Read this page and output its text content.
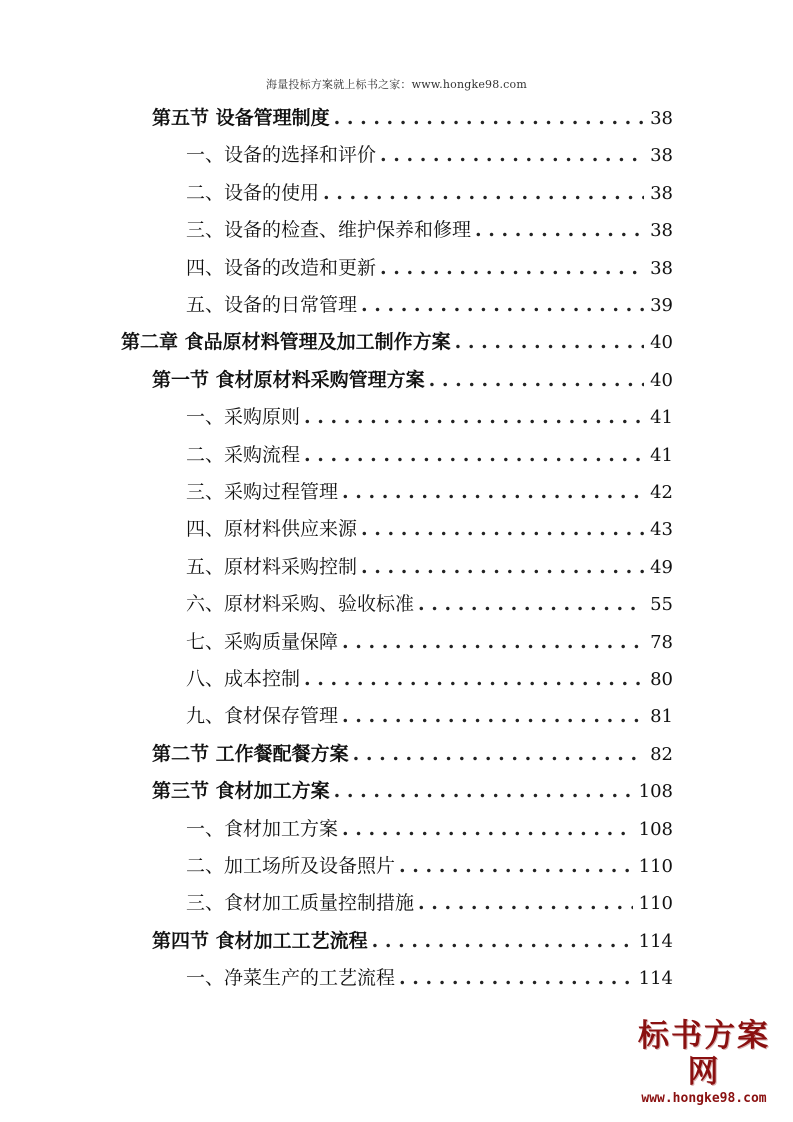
海量投标方案就上标书之家：www.hongke98.com
第五节 设备管理制度 . . .	38
一、设备的选择和评价 . . .	38
二、设备的使用 . . .	38
三、设备的检查、维护保养和修理 . . .	38
四、设备的改造和更新 . . .	38
五、设备的日常管理 . . .	39
第二章 食品原材料管理及加工制作方案 . . .	40
第一节 食材原材料采购管理方案 . . .	40
一、采购原则 . . .	41
二、采购流程 . . .	41
三、采购过程管理 . . .	42
四、原材料供应来源 . . .	43
五、原材料采购控制 . . .	49
六、原材料采购、验收标准 . . .	55
七、采购质量保障 . . .	78
八、成本控制 . . .	80
九、食材保存管理 . . .	81
第二节 工作餐配餐方案 . . .	82
第三节 食材加工方案 . . .	108
一、食材加工方案 . . .	108
二、加工场所及设备照片 . . .	110
三、食材加工质量控制措施 . . .	110
第四节 食材加工工艺流程 . . .	114
一、净菜生产的工艺流程 . . .	114
标书方案网
www.hongke98.com
